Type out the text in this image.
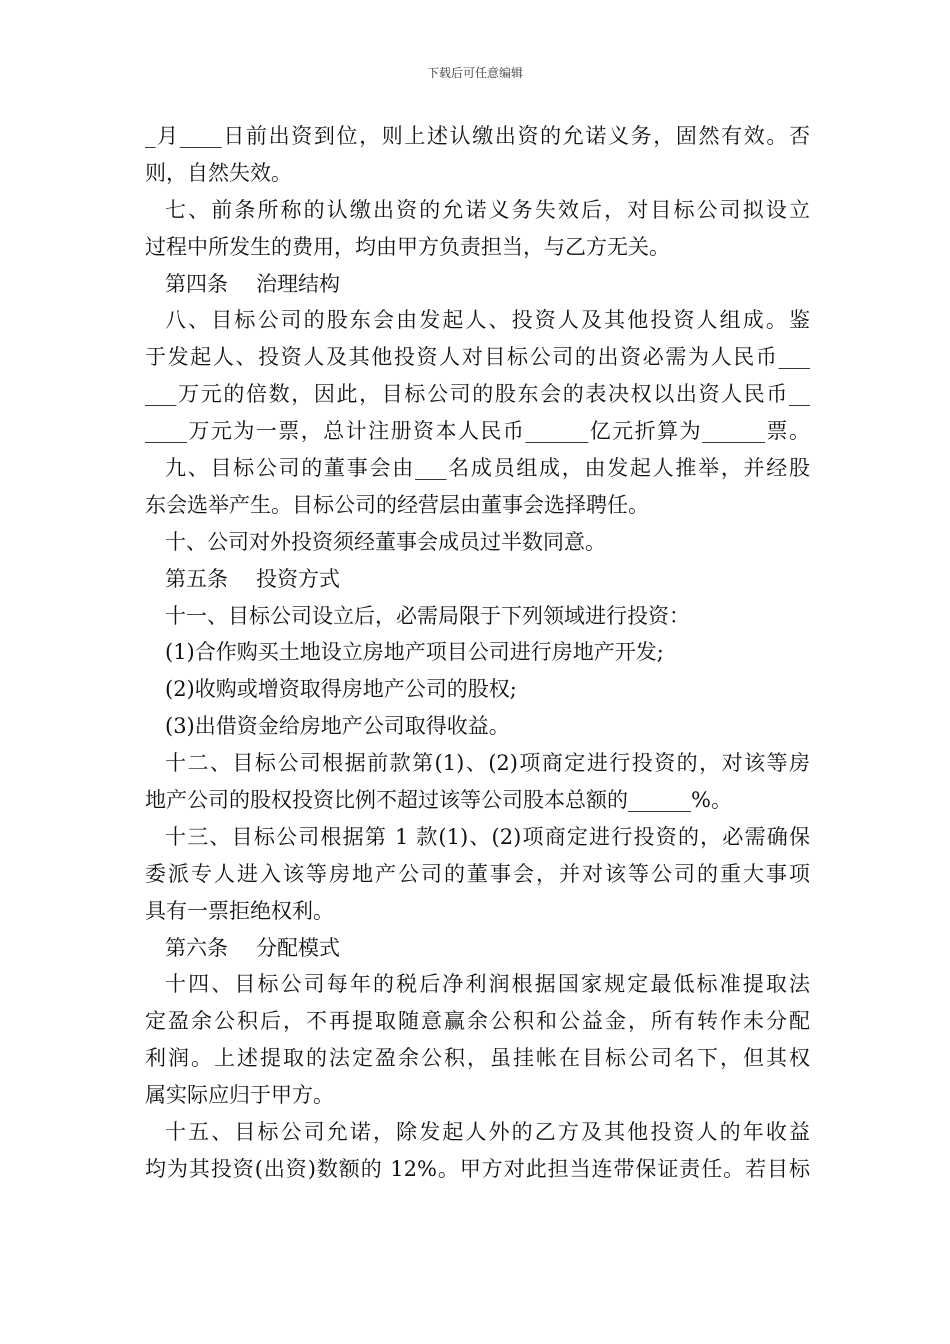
下载后可任意编辑
_月____日前出资到位，则上述认缴出资的允诺义务，固然有效。否
则，自然失效。
七、前条所称的认缴出资的允诺义务失效后，对目标公司拟设立
过程中所发生的费用，均由甲方负责担当，与乙方无关。
第四条 治理结构
八、目标公司的股东会由发起人、投资人及其他投资人组成。鉴
于发起人、投资人及其他投资人对目标公司的出资必需为人民币___
___万元的倍数，因此，目标公司的股东会的表决权以出资人民币__
____万元为一票，总计注册资本人民币______亿元折算为______票。
九、目标公司的董事会由___名成员组成，由发起人推举，并经股
东会选举产生。目标公司的经营层由董事会选择聘任。
十、公司对外投资须经董事会成员过半数同意。
第五条 投资方式
十一、目标公司设立后，必需局限于下列领域进行投资：
(1)合作购买土地设立房地产项目公司进行房地产开发;
(2)收购或增资取得房地产公司的股权;
(3)出借资金给房地产公司取得收益。
十二、目标公司根据前款第(1)、(2)项商定进行投资的，对该等房
地产公司的股权投资比例不超过该等公司股本总额的______%。
十三、目标公司根据第 1 款(1)、(2)项商定进行投资的，必需确保
委派专人进入该等房地产公司的董事会，并对该等公司的重大事项
具有一票拒绝权利。
第六条 分配模式
十四、目标公司每年的税后净利润根据国家规定最低标准提取法
定盈余公积后，不再提取随意赢余公积和公益金，所有转作未分配
利润。上述提取的法定盈余公积，虽挂帐在目标公司名下，但其权
属实际应归于甲方。
十五、目标公司允诺，除发起人外的乙方及其他投资人的年收益
均为其投资(出资)数额的 12%。甲方对此担当连带保证责任。若目标
